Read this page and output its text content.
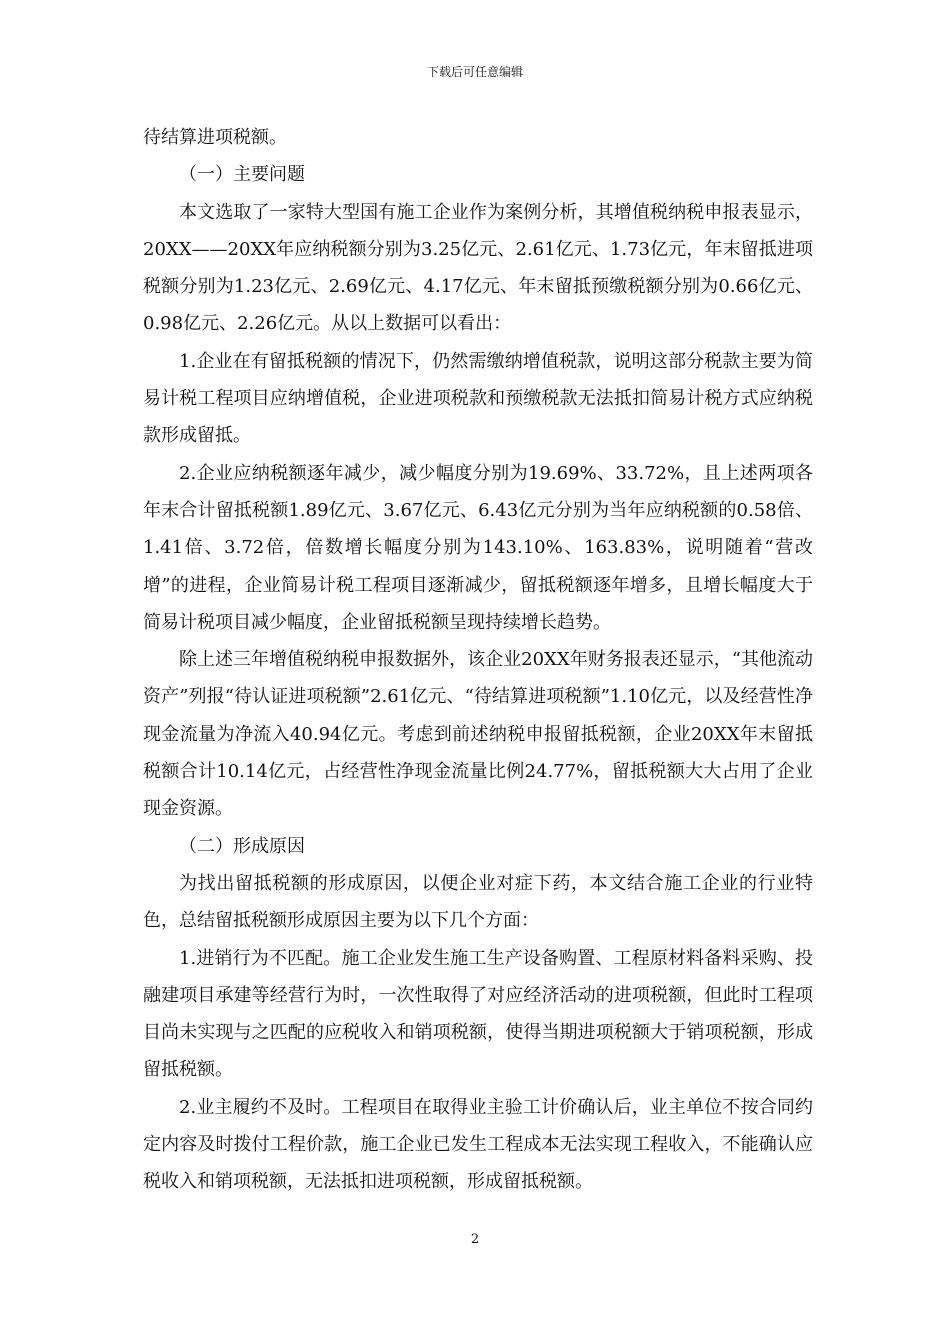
下载后可任意编辑

待结算进项税额。

（一）主要问题

本文选取了一家特大型国有施工企业作为案例分析，其增值税纳税申报表显示，20XX——20XX年应纳税额分别为3.25亿元、2.61亿元、1.73亿元，年末留抵进项税额分别为1.23亿元、2.69亿元、4.17亿元、年末留抵预缴税额分别为0.66亿元、0.98亿元、2.26亿元。从以上数据可以看出：

1.企业在有留抵税额的情况下，仍然需缴纳增值税款，说明这部分税款主要为简易计税工程项目应纳增值税，企业进项税款和预缴税款无法抵扣简易计税方式应纳税款形成留抵。

2.企业应纳税额逐年减少，减少幅度分别为19.69%、33.72%，且上述两项各年末合计留抵税额1.89亿元、3.67亿元、6.43亿元分别为当年应纳税额的0.58倍、1.41倍、3.72倍，倍数增长幅度分别为143.10%、163.83%，说明随着“营改增”的进程，企业简易计税工程项目逐渐减少，留抵税额逐年增多，且增长幅度大于简易计税项目减少幅度，企业留抵税额呈现持续增长趋势。

除上述三年增值税纳税申报数据外，该企业20XX年财务报表还显示，“其他流动资产”列报“待认证进项税额”2.61亿元、“待结算进项税额”1.10亿元，以及经营性净现金流量为净流入40.94亿元。考虑到前述纳税申报留抵税额，企业20XX年末留抵税额合计10.14亿元，占经营性净现金流量比例24.77%，留抵税额大大占用了企业现金资源。

（二）形成原因

为找出留抵税额的形成原因，以便企业对症下药，本文结合施工企业的行业特色，总结留抵税额形成原因主要为以下几个方面：

1.进销行为不匹配。施工企业发生施工生产设备购置、工程原材料备料采购、投融建项目承建等经营行为时，一次性取得了对应经济活动的进项税额，但此时工程项目尚未实现与之匹配的应税收入和销项税额，使得当期进项税额大于销项税额，形成留抵税额。

2.业主履约不及时。工程项目在取得业主验工计价确认后，业主单位不按合同约定内容及时拨付工程价款，施工企业已发生工程成本无法实现工程收入，不能确认应税收入和销项税额，无法抵扣进项税额，形成留抵税额。

2
